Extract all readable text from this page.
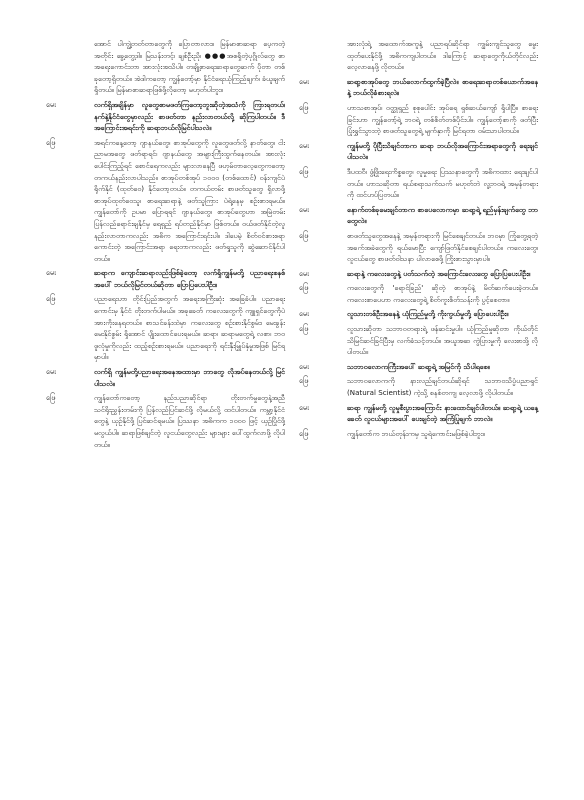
အောင် ပါကျွဲ့တတ်တာတွေကို ပြောတာလား။ မြန်မာစာဆရာ ပေ့ကတဲ့အတိုင်း ခွေ့တွေ့ဒါ။ မြသန်းတင့်၊ ချစ်ဦးညို၊ ●●●အစရှိတဲ့ပုဂ္ဂိုလ်တွေ စာအရေးကောင်းတာ အားလုံးအသိပါ။ တချို့စာရေးဆရာတွေဆက် ပိုတာ တစ်ခုတော့ရှိတယ်။ အဲဒါကတော့ ကျွန်တော့်မှာ နိုင်ငံရေးယုံကြည်ချက်၊ ခံယူချက်ရှိတယ်။ မြန်မာစာဆရာဖြစ်ဖို့လိုတော့ မဟုတ်ပါဘူး။
မေး	လက်ရှိအချိန်မှာ လူတွေစာမဖတ်ကြတော့ဘူးဆိုတဲ့အသံကို ကြားရတယ်၊ နက်နဲ့နိုင်ငံတွေမှာလည်း စာဖတ်တာ နည်းလာတယ်လို့ ဆိုကြပါတယ်။ ဒီအကြောင်းအရင်းကို ဆရာဘယ်လိုမြင်ပါသလဲ။
ဖြေ	အရင်ကနေ့တော့ ဂျာနယ်တွေ၊ စာအုပ်တွေကို လူတွေဖတ်လို့ နာတ်တွေ၊ ငါးညာမအတွေ ဖတ်ရာရင်၊ ဂျာနယ်တွေ အများကြီးထွက်နေတယ်။ အားလုံးပေါင်းကြည့်ရင် စောင်ရေကလည်း များလာနေပြီ ဖဟုမ်တာလေ့တွေကတော့ တကယ်နည်းလာပါသည်။ စာအုပ်တစ်အုပ် ၁၀၀၀ (တစ်ထောင်) ဝန်းကျင်ပဲ ရိုက်နိုင် (ထုတ်ဝေ) နိုင်တော့တယ်။ တကယ်တမ်း စာဖတ်သူတွေ ရှိလာဖို့ စာအုပ်ထုတ်ဝေသူ၊ စာရေးဆရာနဲ့ ဖတ်သူကြား ပဲရဲ့နေမှ စဉ်းစားရမယ်။ ကျွန်တော်ကို ဥပမာ ပြောရရင် ဂျာနယ်တွေ၊ စာအုပ်တွေဟာ အမြဲတမ်း ပြန်လည်ရောင်းချနိုင်မှ ရေရှည် ရပ်တည်နိုင်မှာ ဖြစ်တယ်။ ဝယ်ဖတ်နိုင်တဲ့လူ နည်းလာတာကလည်း အဓိက အကြောင်းရင်းပါ။ ဒါပေမဲ့ စိတ်ဝင်စားစရာကောင်းတဲ့ အကြောင်းအရာ ရေးတာကလည်း ဖတ်ရှုသူကို ဆွဲဆောင်နိုင်ပါတယ်။
မေး	ဆရာက ကျောင်းဆရာလည်းဖြစ်ခဲ့တော့ လက်ရှိကျွန်မတို့ ပညာရေးစနစ်အပေါ် ဘယ်လိုမြင်တယ်ဆိုတာ ပြောပြပေးပါဦး။
ဖြေ	ပညာရေးဟာ တိုင်းပြည်အတွက် အရေးအကြီးဆုံး အခြေခံပါ။ ပညာရေးကောင်းမှ နိုင်ငံ တိုးတက်ပါမယ်။ အခုခေတ် ကလေးတွေကို ကျူရှင်တွေကိုပဲ အားကိုးနေရတယ်။ စာသင်ခန်းထဲမှာ ကလေးတွေ စဉ်းစားနိုင်စွမ်း၊ မေးခွန်းမေးနိုင်စွမ်း ရှိအောင် ပျိုးထောင်ပေးရမယ်။ ဆရာ၊ ဆရာမတွေရဲ့ လစာ၊ ဘဝ ဖူလုံမှုကိုလည်း ထည့်စဉ်းစားရမယ်။ ပညာရေးကို ရင်းနှီးမြှုပ်နှံမှုအဖြစ် မြင်ရမှာပါ။
မေး	လက်ရှိ ကျွန်မတို့ပညာရေးအနေအထားမှာ ဘာတွေ လိုအပ်နေတယ်လို့ မြင်ပါသလဲ။
ဖြေ	ကျွန်တော်ကတော့ နည်းပညာဆိုင်ရာ တိုးတက်မှုတွေနဲ့အညီ သင်ရိုးညွှန်းတမ်းကို ပြန်လည်ပြင်ဆင်ဖို့ လိုမယ်လို့ ထင်ပါတယ်။ ကမ္ဘာ့နိုင်ငံတွေနဲ့ ယှဉ်နိုင်ဖို့ ပြင်ဆင်ရမယ်။ ပြဿနာ အဓိကက ၁၀၀၀ ဖြင့် ယှဉ်ပြိုင်ဖို့ မလွယ်ပါ။ ဆရာဖြစ်ချင်တဲ့ လူငယ်တွေလည်း များများ ပေါ်ထွက်လာဖို့ လိုပါတယ်။
အားလုံးရဲ့ အထောက်အကူနဲ့ ပညာရပ်ဆိုင်ရာ ကျွမ်းကျင်သူတွေ မွေးထုတ်ပေးနိုင်ဖို့ အဓိကကျပါတယ်။ ဒါကြောင့် ဆရာတွေကိုယ်တိုင်လည်း လေ့လာနေဖို့ လိုတယ်။
မေး	ဆရာ့စာအုပ်တွေ ဘယ်လောက်ထွက်ခဲ့ပြီလဲ။ စာရေးဆရာတစ်ယောက်အနေနဲ့ ဘယ်လိုခံစားရလဲ။
ဖြေ	ဟာသစာအုပ်၊ ဝတ္ထုရှည် စုစုပေါင်း အုပ်ရေ ရှစ်ဆယ်ကျော် ရှိပါပြီ။ စာရေးခြင်းဟာ ကျွန်တော့်ရဲ့ ဘဝရဲ့ တစ်စိတ်တစ်ပိုင်းပါ။ ကျွန်တော့်စာကို ဖတ်ပြီး ပြုံးရွှင်သွားတဲ့ စာဖတ်သူတွေရဲ့ မျက်နှာကို မြင်ရတာ ဝမ်းသာပါတယ်။
မေး	ကျွန်မတို့ ပိုပြီးသိချင်တာက ဆရာ ဘယ်လိုအကြောင်းအရာတွေကို ရေးချင်ပါသလဲ။
ဖြေ	ဒီပထဝီ၊ ဖွံ့ဖြိုးရေးကိစ္စတွေ၊ လူမှုရေး ပြဿနာတွေကို အဓိကထား ရေးချင်ပါတယ်။ ဟာသဆိုတာ ရယ်စရာသက်သက် မဟုတ်ဘဲ လူ့ဘဝရဲ့ အမှန်တရားကို ထင်ဟပ်ပြတယ်။
မေး	နောက်တစ်ခုမေးချင်တာက စာပေလောကမှာ ဆရာ့ရဲ့ ရည်မှန်းချက်တွေ ဘာတွေလဲ။
ဖြေ	စာဖတ်သူတွေအနေနဲ့ အမှန်တရားကို မြင်စေချင်တယ်။ ဘဝမှာ ကြုံတွေ့ရတဲ့ အခက်အခဲတွေကို ရယ်မောပြီး ကျော်ဖြတ်နိုင်စေချင်ပါတယ်။ ကလေးတွေ၊ လူငယ်တွေ စာဖတ်ဝါသနာ ပါလာစေဖို့ ကြိုးစားသွားမှာပါ။
မေး	ဆရာနဲ့ ကလေးတွေနဲ့ ပတ်သက်တဲ့ အကြောင်းလေးတွေ ပြောပြပေးပါဦး။
ဖြေ	ကလေးတွေကို 'ရောင်ခြည်' ဆိုတဲ့ စာအုပ်နဲ့ မိတ်ဆက်ပေးခဲ့တယ်။ ကလေးစာပေဟာ ကလေးတွေရဲ့ စိတ်ကူးစိတ်သန်းကို ပွင့်စေတာ။
မေး	လူသားတစ်ဦးအနေနဲ့ ယုံကြည်မှုတို့ ကိုးကွယ်မှုတို့ ပြောပေးပါဦး။
ဖြေ	လူသားဆိုတာ သဘာဝတရားရဲ့ ဖန်ဆင်းမှုပါ။ ယုံကြည်မှုဆိုတာ ကိုယ်တိုင် သိမြင်ဆင်ခြင်ပြီးမှ လက်ခံသင့်တယ်။ အယူအဆ ကွဲပြားမှုကို လေးစားဖို့ လိုပါတယ်။
မေး	သဘာဝလောကကြီးအပေါ် ဆရာ့ရဲ့ အမြင်ကို သိပါရစေ။
ဖြေ	သဘာဝလောကကို နားလည်ချင်တယ်ဆိုရင် သဘာဝသိပ္ပံပညာရှင် (Natural Scientist) ကဲ့သို့ စနစ်တကျ လေ့လာဖို့ လိုပါတယ်။
မေး	ဆရာ ကျွန်မတို့ လူမှုစီးပွားအကြောင်း နားထောင်ချင်ပါတယ်။ ဆရာ့ရဲ့ ယနေ့ခေတ် လူငယ်များအပေါ် ပေးချင်တဲ့ အကြံပြုချက် ဘာလဲ။
ဖြေ	ကျွန်တော်က ဘယ်တုန်းကမှ သူရဲကောင်းမဖြစ်ခဲ့ပါဘူး။
